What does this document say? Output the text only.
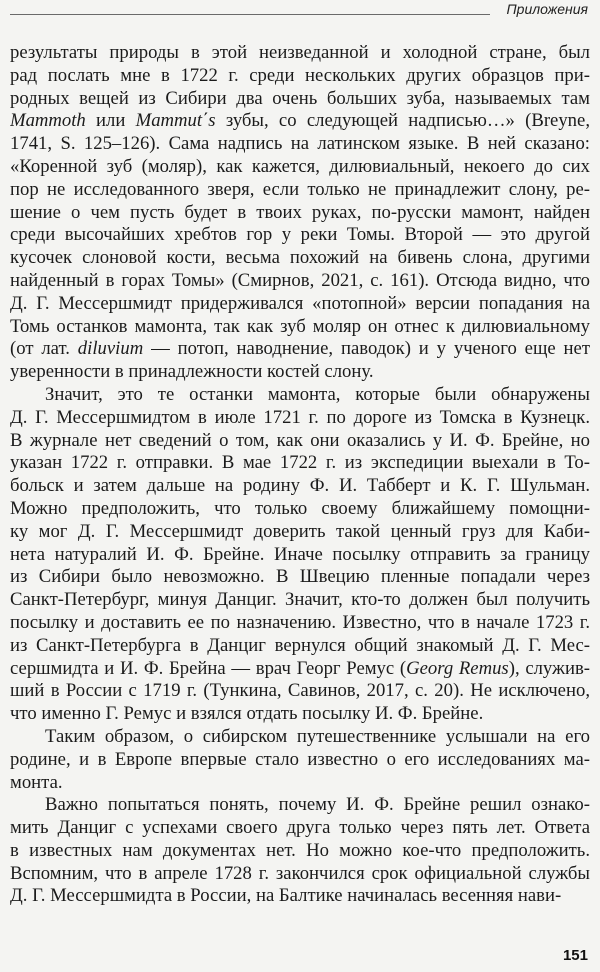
Приложения
результаты природы в этой неизведанной и холодной стране, был
рад послать мне в 1722 г. среди нескольких других образцов при-
родных вещей из Сибири два очень больших зуба, называемых там
Mammoth или Mammut΄s зубы, со следующей надписью…» (Breyne,
1741, S. 125–126). Сама надпись на латинском языке. В ней сказано:
«Коренной зуб (моляр), как кажется, дилювиальный, некоего до сих
пор не исследованного зверя, если только не принадлежит слону, ре-
шение о чем пусть будет в твоих руках, по-русски мамонт, найден
среди высочайших хребтов гор у реки Томы. Второй — это другой
кусочек слоновой кости, весьма похожий на бивень слона, другими
найденный в горах Томы» (Смирнов, 2021, с. 161). Отсюда видно, что
Д. Г. Мессершмидт придерживался «потопной» версии попадания на
Томь останков мамонта, так как зуб моляр он отнес к дилювиальному
(от лат. diluvium — потоп, наводнение, паводок) и у ученого еще нет
уверенности в принадлежности костей слону.
Значит, это те останки мамонта, которые были обнаружены
Д. Г. Мессершмидтом в июле 1721 г. по дороге из Томска в Кузнецк.
В журнале нет сведений о том, как они оказались у И. Ф. Брейне, но
указан 1722 г. отправки. В мае 1722 г. из экспедиции выехали в То-
больск и затем дальше на родину Ф. И. Табберт и К. Г. Шульман.
Можно предположить, что только своему ближайшему помощни-
ку мог Д. Г. Мессершмидт доверить такой ценный груз для Каби-
нета натуралий И. Ф. Брейне. Иначе посылку отправить за границу
из Сибири было невозможно. В Швецию пленные попадали через
Санкт-Петербург, минуя Данциг. Значит, кто-то должен был получить
посылку и доставить ее по назначению. Известно, что в начале 1723 г.
из Санкт-Петербурга в Данциг вернулся общий знакомый Д. Г. Мес-
сершмидта и И. Ф. Брейна — врач Георг Ремус (Georg Remus), служив-
ший в России с 1719 г. (Тункина, Савинов, 2017, с. 20). Не исключено,
что именно Г. Ремус и взялся отдать посылку И. Ф. Брейне.
Таким образом, о сибирском путешественнике услышали на его
родине, и в Европе впервые стало известно о его исследованиях ма-
монта.
Важно попытаться понять, почему И. Ф. Брейне решил ознако-
мить Данциг с успехами своего друга только через пять лет. Ответа
в известных нам документах нет. Но можно кое-что предположить.
Вспомним, что в апреле 1728 г. закончился срок официальной службы
Д. Г. Мессершмидта в России, на Балтике начиналась весенняя нави-
151
